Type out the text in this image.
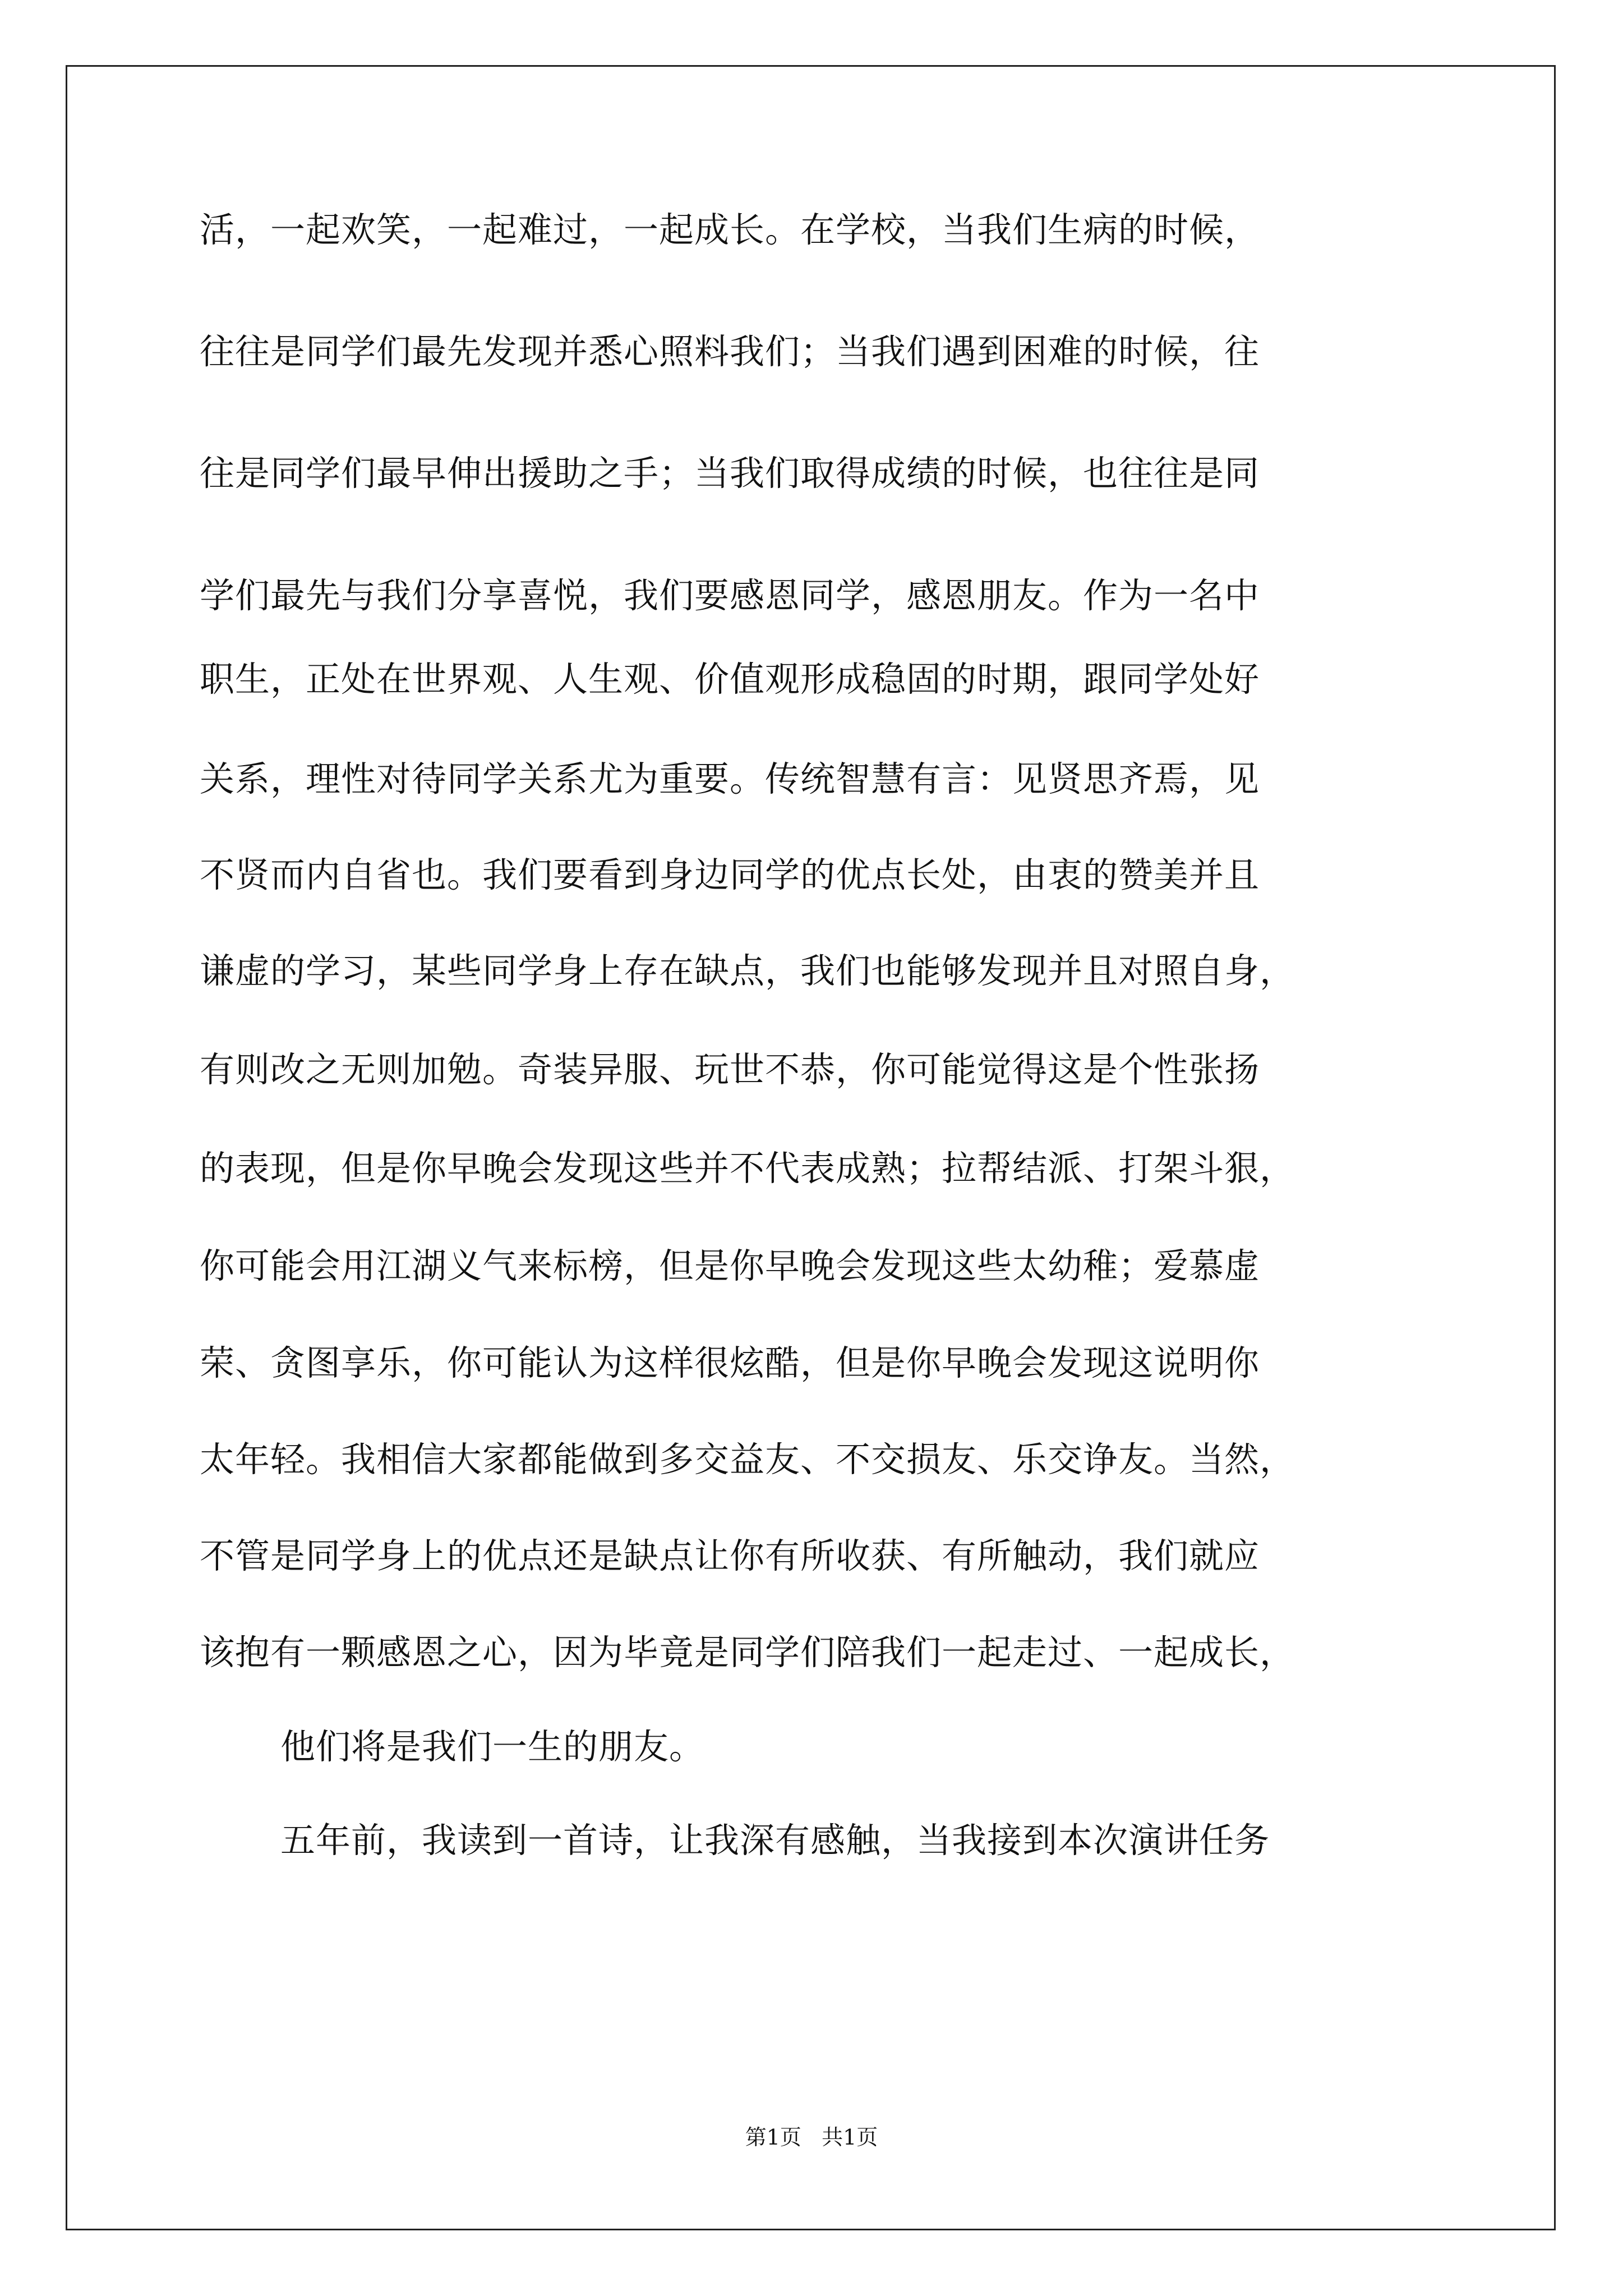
活，一起欢笑，一起难过，一起成长。在学校，当我们生病的时候，
往往是同学们最先发现并悉心照料我们；当我们遇到困难的时候，往
往是同学们最早伸出援助之手；当我们取得成绩的时候，也往往是同
学们最先与我们分享喜悦，我们要感恩同学，感恩朋友。作为一名中
职生，正处在世界观、人生观、价值观形成稳固的时期，跟同学处好
关系，理性对待同学关系尤为重要。传统智慧有言：见贤思齐焉，见
不贤而内自省也。我们要看到身边同学的优点长处，由衷的赞美并且
谦虚的学习，某些同学身上存在缺点，我们也能够发现并且对照自身，
有则改之无则加勉。奇装异服、玩世不恭，你可能觉得这是个性张扬
的表现，但是你早晚会发现这些并不代表成熟；拉帮结派、打架斗狠，
你可能会用江湖义气来标榜，但是你早晚会发现这些太幼稚；爱慕虚
荣、贪图享乐，你可能认为这样很炫酷，但是你早晚会发现这说明你
太年轻。我相信大家都能做到多交益友、不交损友、乐交诤友。当然，
不管是同学身上的优点还是缺点让你有所收获、有所触动，我们就应
该抱有一颗感恩之心，因为毕竟是同学们陪我们一起走过、一起成长，
他们将是我们一生的朋友。
五年前，我读到一首诗，让我深有感触，当我接到本次演讲任务
第1页   共1页
